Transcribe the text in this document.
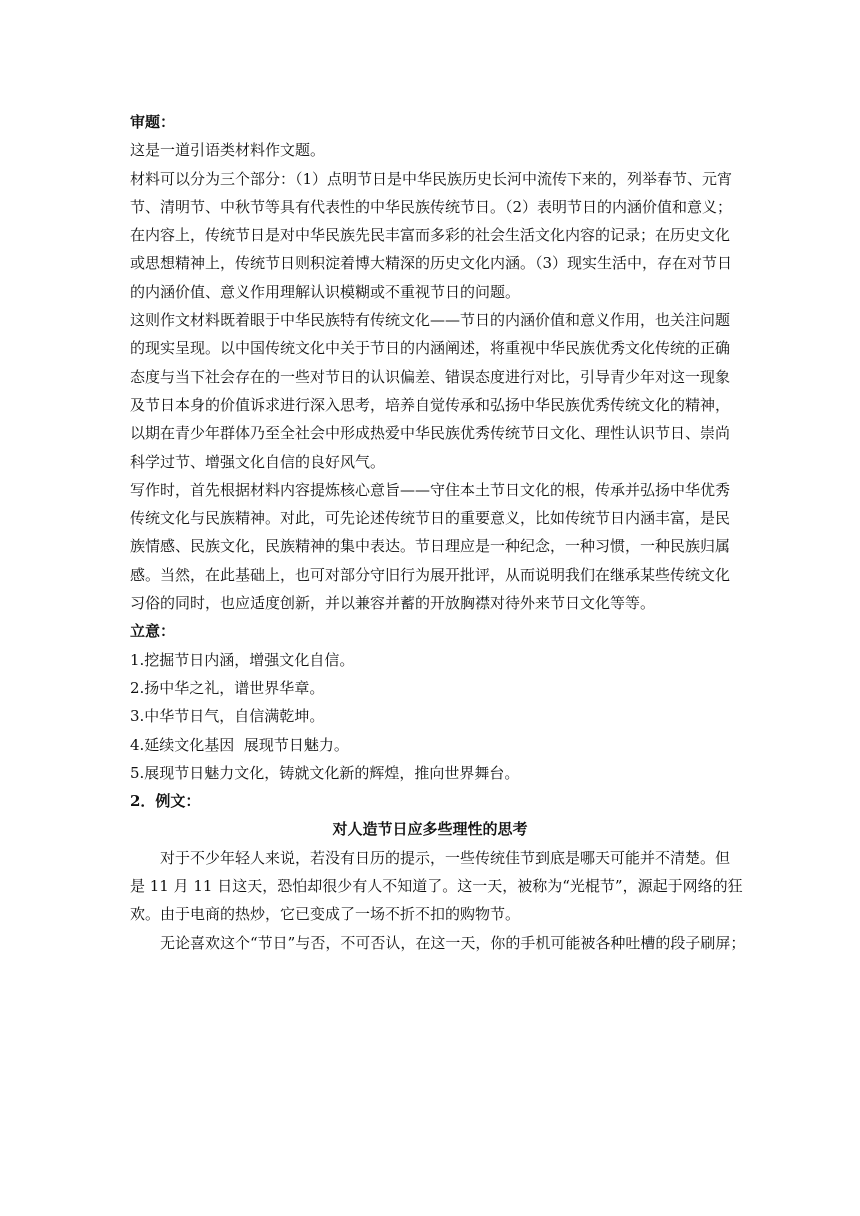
审题：
这是一道引语类材料作文题。
材料可以分为三个部分：（1）点明节日是中华民族历史长河中流传下来的，列举春节、元宵
节、清明节、中秋节等具有代表性的中华民族传统节日。（2）表明节日的内涵价值和意义；
在内容上，传统节日是对中华民族先民丰富而多彩的社会生活文化内容的记录；在历史文化
或思想精神上，传统节日则积淀着博大精深的历史文化内涵。（3）现实生活中，存在对节日
的内涵价值、意义作用理解认识模糊或不重视节日的问题。
这则作文材料既着眼于中华民族特有传统文化——节日的内涵价值和意义作用，也关注问题
的现实呈现。以中国传统文化中关于节日的内涵阐述，将重视中华民族优秀文化传统的正确
态度与当下社会存在的一些对节日的认识偏差、错误态度进行对比，引导青少年对这一现象
及节日本身的价值诉求进行深入思考，培养自觉传承和弘扬中华民族优秀传统文化的精神，
以期在青少年群体乃至全社会中形成热爱中华民族优秀传统节日文化、理性认识节日、崇尚
科学过节、增强文化自信的良好风气。
写作时，首先根据材料内容提炼核心意旨——守住本土节日文化的根，传承并弘扬中华优秀
传统文化与民族精神。对此，可先论述传统节日的重要意义，比如传统节日内涵丰富，是民
族情感、民族文化，民族精神的集中表达。节日理应是一种纪念，一种习惯，一种民族归属
感。当然，在此基础上，也可对部分守旧行为展开批评，从而说明我们在继承某些传统文化
习俗的同时，也应适度创新，并以兼容并蓄的开放胸襟对待外来节日文化等等。
立意：
1.挖掘节日内涵，增强文化自信。
2.扬中华之礼，谱世界华章。
3.中华节日气，自信满乾坤。
4.延续文化基因  展现节日魅力。
5.展现节日魅力文化，铸就文化新的辉煌，推向世界舞台。
2．例文：
对人造节日应多些理性的思考
对于不少年轻人来说，若没有日历的提示，一些传统佳节到底是哪天可能并不清楚。但
是 11 月 11 日这天，恐怕却很少有人不知道了。这一天，被称为“光棍节”，源起于网络的狂
欢。由于电商的热炒，它已变成了一场不折不扣的购物节。
无论喜欢这个“节日”与否，不可否认，在这一天，你的手机可能被各种吐槽的段子刷屏；
